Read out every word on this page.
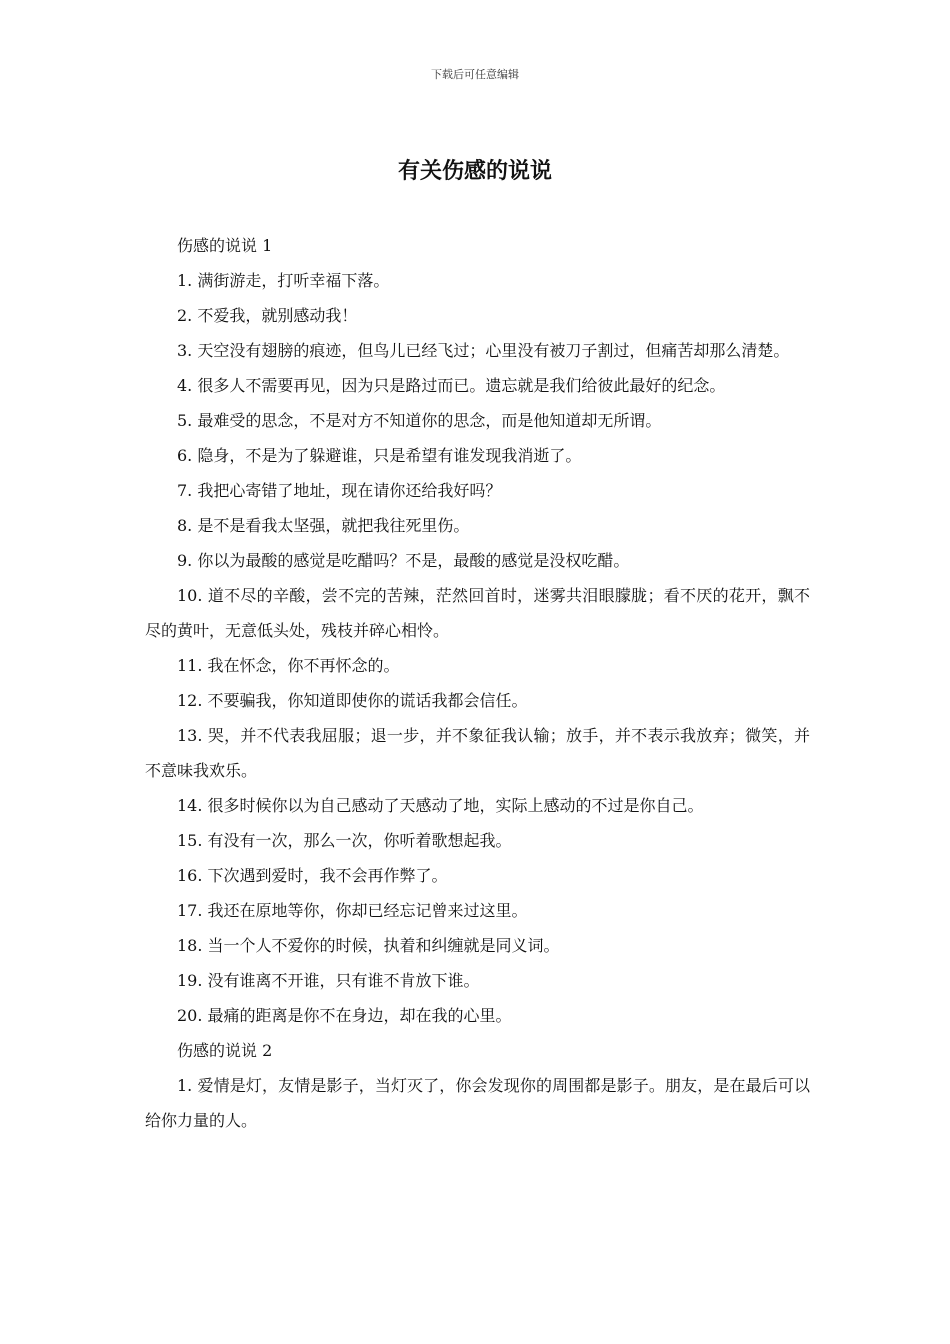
下载后可任意编辑
有关伤感的说说

伤感的说说 1

1. 满街游走，打听幸福下落。

2. 不爱我，就别感动我！

3. 天空没有翅膀的痕迹，但鸟儿已经飞过；心里没有被刀子割过，但痛苦却那么清楚。

4. 很多人不需要再见，因为只是路过而已。遗忘就是我们给彼此最好的纪念。

5. 最难受的思念，不是对方不知道你的思念，而是他知道却无所谓。

6. 隐身，不是为了躲避谁，只是希望有谁发现我消逝了。

7. 我把心寄错了地址，现在请你还给我好吗？

8. 是不是看我太坚强，就把我往死里伤。

9. 你以为最酸的感觉是吃醋吗？不是，最酸的感觉是没权吃醋。

10. 道不尽的辛酸，尝不完的苦辣，茫然回首时，迷雾共泪眼朦胧；看不厌的花开，飘不尽的黄叶，无意低头处，残枝并碎心相怜。

11. 我在怀念，你不再怀念的。

12. 不要骗我，你知道即使你的谎话我都会信任。

13. 哭，并不代表我屈服；退一步，并不象征我认输；放手，并不表示我放弃；微笑，并不意味我欢乐。

14. 很多时候你以为自己感动了天感动了地，实际上感动的不过是你自己。

15. 有没有一次，那么一次，你听着歌想起我。

16. 下次遇到爱时，我不会再作弊了。

17. 我还在原地等你，你却已经忘记曾来过这里。

18. 当一个人不爱你的时候，执着和纠缠就是同义词。

19. 没有谁离不开谁，只有谁不肯放下谁。

20. 最痛的距离是你不在身边，却在我的心里。

伤感的说说 2

1. 爱情是灯，友情是影子，当灯灭了，你会发现你的周围都是影子。朋友，是在最后可以给你力量的人。
